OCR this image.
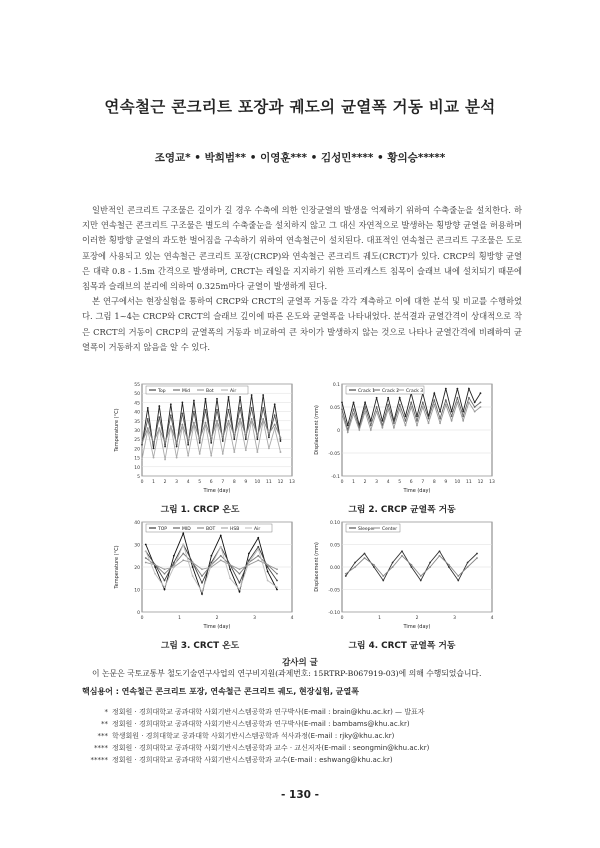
연속철근 콘크리트 포장과 궤도의 균열폭 거동 비교 분석
조영교* • 박희범** • 이영훈*** • 김성민**** • 황의승*****

일반적인 콘크리트 구조물은 길이가 길 경우 수축에 의한 인장균열의 발생을 억제하기 위하여 수축줄눈을 설치한다. 하지만 연속철근 콘크리트 구조물은 별도의 수축줄눈을 설치하지 않고 그 대신 자연적으로 발생하는 횡방향 균열을 허용하며 이러한 횡방향 균열의 과도한 벌어짐을 구속하기 위하여 연속철근이 설치된다. 대표적인 연속철근 콘크리트 구조물은 도로포장에 사용되고 있는 연속철근 콘크리트 포장(CRCP)와 연속철근 콘크리트 궤도(CRCT)가 있다. CRCP의 횡방향 균열은 대략 0.8 - 1.5m 간격으로 발생하며, CRCT는 레일을 지지하기 위한 프리캐스트 침목이 슬래브 내에 설치되기 때문에 침목과 슬래브의 분리에 의하여 0.325m마다 균열이 발생하게 된다.

본 연구에서는 현장실험을 통하여 CRCP와 CRCT의 균열폭 거동을 각각 계측하고 이에 대한 분석 및 비교를 수행하였다. 그림 1~4는 CRCP와 CRCT의 슬래브 깊이에 따른 온도와 균열폭을 나타내었다. 분석결과 균열간격이 상대적으로 작은 CRCT의 거동이 CRCP의 균열폭의 거동과 비교하여 큰 차이가 발생하지 않는 것으로 나타나 균열간격에 비례하여 균열폭이 거동하지 않음을 알 수 있다.

5
10
15
20
25
30
35
40
45
50
55
0 1 2 3 4 5 6 7 8 9 10 11 12 13
Time (day)
Temperature (°C)
Top	Mid	Bot	Air
그림 1. CRCP 온도
-0.1
-0.05
0
0.05
0.1
0 1 2 3 4 5 6 7 8 9 10 11 12 13
Time (day)
Displacement (mm)
Crack 1 Crack 2 Crack 3
그림 2. CRCP 균열폭 거동
0
10
20
30
40
0	1	2	3	4
Time (day)
Temperature (°C)
TOP	MID	BOT	HSB	Air
그림 3. CRCT 온도
-0.10
-0.05
0.00
0.05
0.10
0	1	2	3	4
Time (day)
Displacement (mm)
Sleeper Center
그림 4. CRCT 균열폭 거동
감사의 글
이 논문은 국토교통부 철도기술연구사업의 연구비지원(과제번호: 15RTRP-B067919-03)에 의해 수행되었습니다.
핵심용어 : 연속철근 콘크리트 포장, 연속철근 콘크리트 궤도, 현장실험, 균열폭
* 정회원 · 경희대학교 공과대학 사회기반시스템공학과 연구박사(E-mail : brain@khu.ac.kr) — 발표자
** 정회원 · 경희대학교 공과대학 사회기반시스템공학과 연구박사(E-mail : bambams@khu.ac.kr)
*** 학생회원 · 경희대학교 공과대학 사회기반시스템공학과 석사과정(E-mail : rjky@khu.ac.kr)
**** 정회원 · 경희대학교 공과대학 사회기반시스템공학과 교수 · 교신저자(E-mail : seongmin@khu.ac.kr)
***** 정회원 · 경희대학교 공과대학 사회기반시스템공학과 교수(E-mail : eshwang@khu.ac.kr)
- 130 -
